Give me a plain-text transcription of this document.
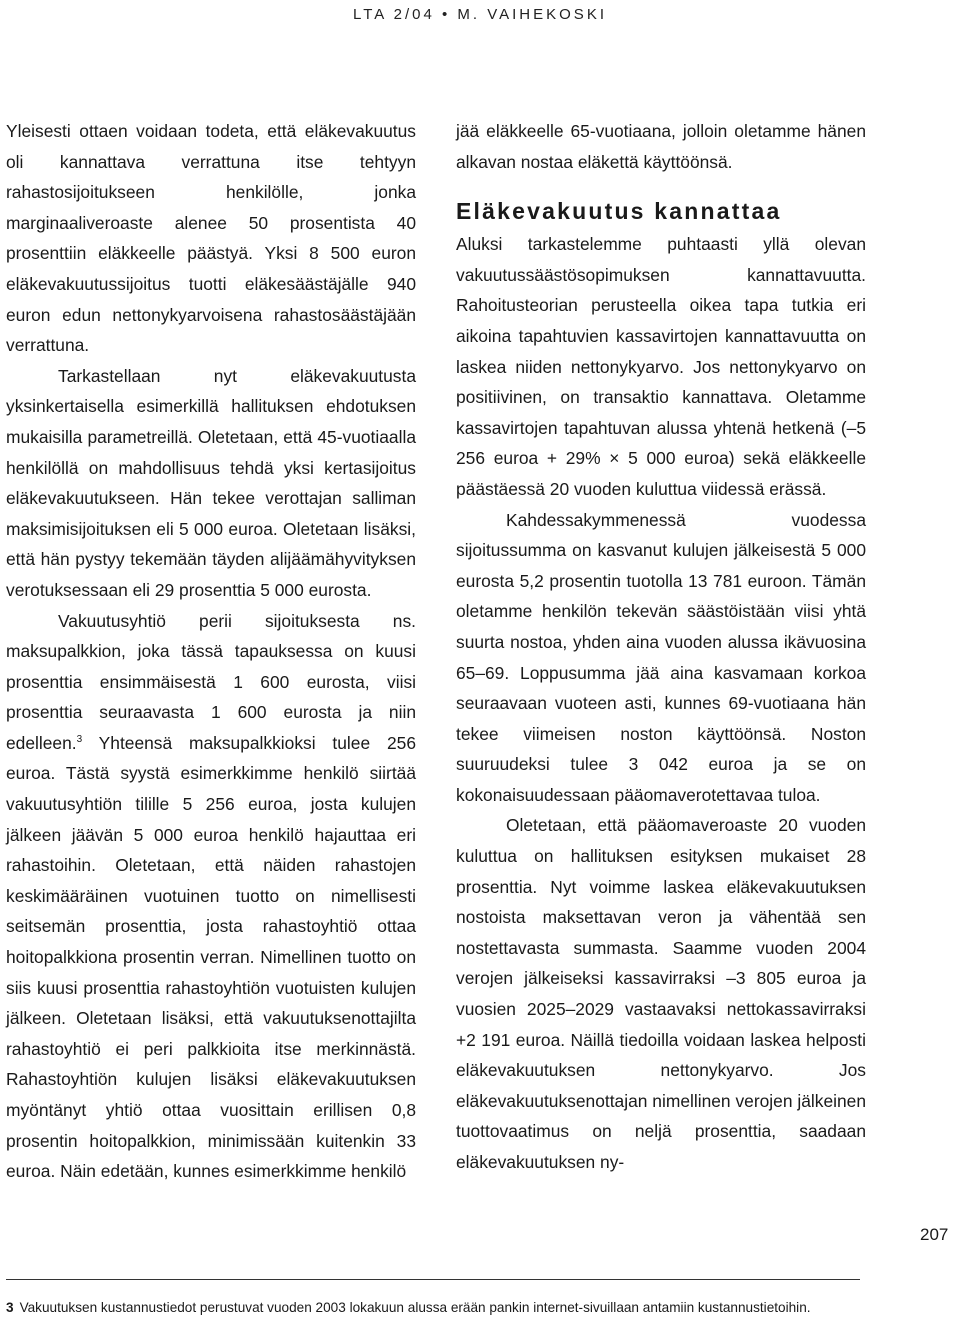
LTA 2/04 • M. VAIHEKOSKI

Yleisesti ottaen voidaan todeta, että eläkevakuutus oli kannattava verrattuna itse tehtyyn rahastosijoitukseen henkilölle, jonka marginaaliveroaste alenee 50 prosentista 40 prosenttiin eläkkeelle päästyä. Yksi 8 500 euron eläkevakuutussijoitus tuotti eläkesäästäjälle 940 euron edun nettonykyarvoisena rahastosäästäjään verrattuna.

Tarkastellaan nyt eläkevakuutusta yksinkertaisella esimerkillä hallituksen ehdotuksen mukaisilla parametreillä. Oletetaan, että 45-vuotiaalla henkilöllä on mahdollisuus tehdä yksi kertasijoitus eläkevakuutukseen. Hän tekee verottajan salliman maksimisijoituksen eli 5 000 euroa. Oletetaan lisäksi, että hän pystyy tekemään täyden alijäämähyvityksen verotuksessaan eli 29 prosenttia 5 000 eurosta.

Vakuutusyhtiö perii sijoituksesta ns. maksupalkkion, joka tässä tapauksessa on kuusi prosenttia ensimmäisestä 1 600 eurosta, viisi prosenttia seuraavasta 1 600 eurosta ja niin edelleen.$^3$ Yhteensä maksupalkkioksi tulee 256 euroa. Tästä syystä esimerkkimme henkilö siirtää vakuutusyhtiön tilille 5 256 euroa, josta kulujen jälkeen jäävän 5 000 euroa henkilö hajauttaa eri rahastoihin. Oletetaan, että näiden rahastojen keskimääräinen vuotuinen tuotto on nimellisesti seitsemän prosenttia, josta rahastoyhtiö ottaa hoitopalkkiona prosentin verran. Nimellinen tuotto on siis kuusi prosenttia rahastoyhtiön vuotuisten kulujen jälkeen. Oletetaan lisäksi, että vakuutuksenottajilta rahastoyhtiö ei peri palkkioita itse merkinnästä. Rahastoyhtiön kulujen lisäksi eläkevakuutuksen myöntänyt yhtiö ottaa vuosittain erillisen 0,8 prosentin hoitopalkkion, minimissään kuitenkin 33 euroa. Näin edetään, kunnes esimerkkimme henkilö

jää eläkkeelle 65-vuotiaana, jolloin oletamme hänen alkavan nostaa eläkettä käyttöönsä.

Eläkevakuutus kannattaa

Aluksi tarkastelemme puhtaasti yllä olevan vakuutussäästösopimuksen kannattavuutta. Rahoitusteorian perusteella oikea tapa tutkia eri aikoina tapahtuvien kassavirtojen kannattavuutta on laskea niiden nettonykyarvo. Jos nettonykyarvo on positiivinen, on transaktio kannattava. Oletamme kassavirtojen tapahtuvan alussa yhtenä hetkenä (–5 256 euroa + 29% × 5 000 euroa) sekä eläkkeelle päästäessä 20 vuoden kuluttua viidessä erässä.

Kahdessakymmenessä vuodessa sijoitussumma on kasvanut kulujen jälkeisestä 5 000 eurosta 5,2 prosentin tuotolla 13 781 euroon. Tämän oletamme henkilön tekevän säästöistään viisi yhtä suurta nostoa, yhden aina vuoden alussa ikävuosina 65–69. Loppusumma jää aina kasvamaan korkoa seuraavaan vuoteen asti, kunnes 69-vuotiaana hän tekee viimeisen noston käyttöönsä. Noston suuruudeksi tulee 3 042 euroa ja se on kokonaisuudessaan pääomaverotettavaa tuloa.

Oletetaan, että pääomaveroaste 20 vuoden kuluttua on hallituksen esityksen mukaiset 28 prosenttia. Nyt voimme laskea eläkevakuutuksen nostoista maksettavan veron ja vähentää sen nostettavasta summasta. Saamme vuoden 2004 verojen jälkeiseksi kassavirraksi –3 805 euroa ja vuosien 2025–2029 vastaavaksi nettokassavirraksi +2 191 euroa. Näillä tiedoilla voidaan laskea helposti eläkevakuutuksen nettonykyarvo. Jos eläkevakuutuksenottajan nimellinen verojen jälkeinen tuottovaatimus on neljä prosenttia, saadaan eläkevakuutuksen ny-

207
3 Vakuutuksen kustannustiedot perustuvat vuoden 2003 lokakuun alussa erään pankin internet-sivuillaan antamiin kustannustietoihin.
